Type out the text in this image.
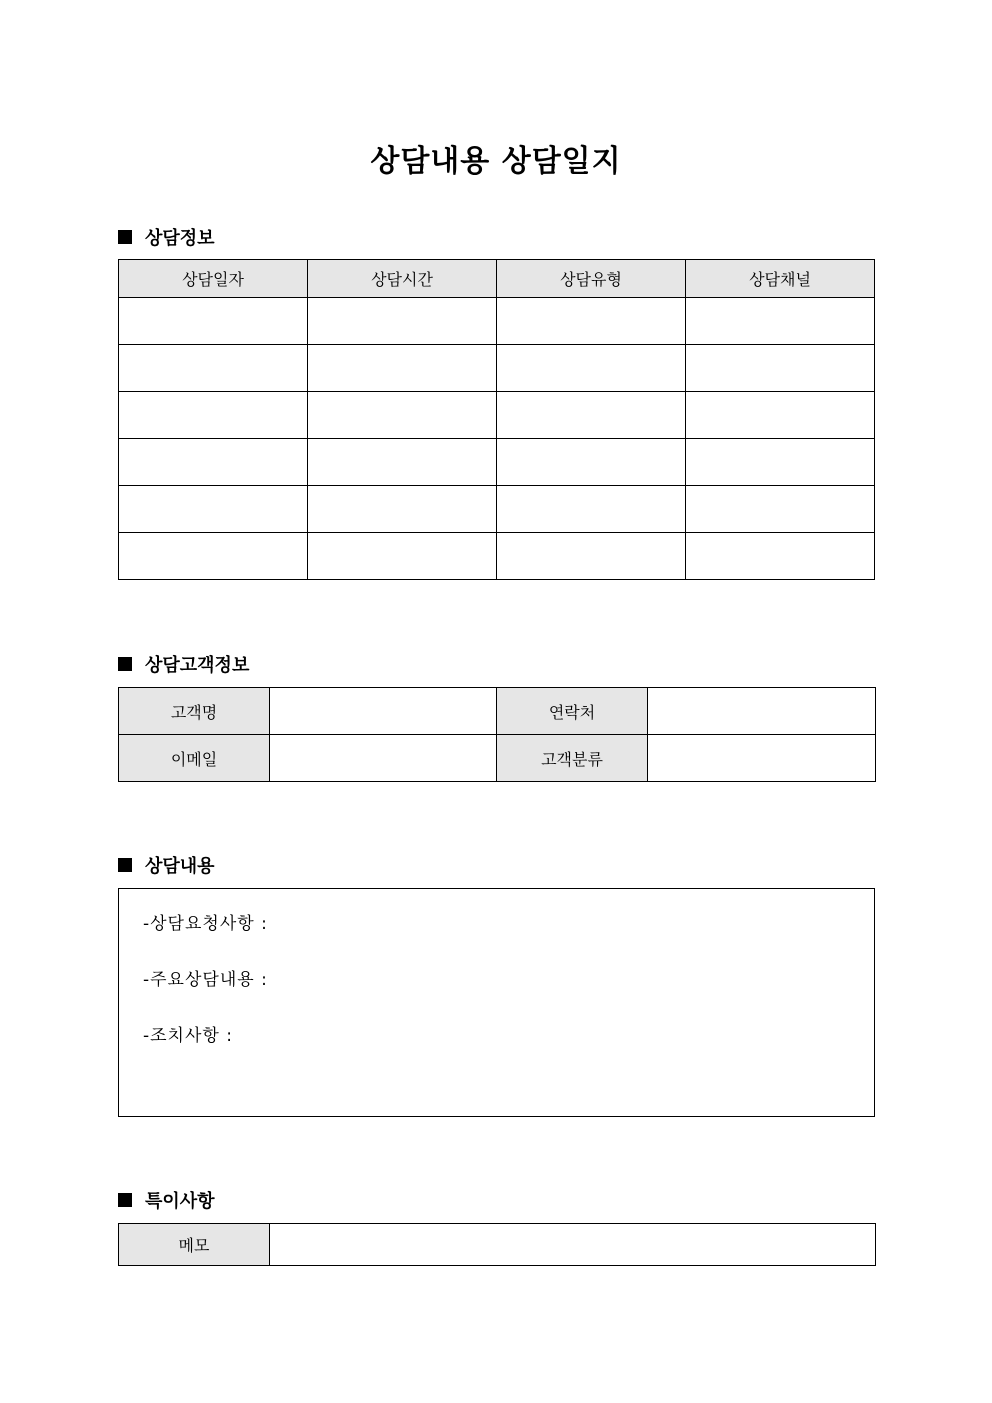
상담내용 상담일지
상담정보
상담일자	상담시간	상담유형	상담채널

상담고객정보
고객명		연락처	
이메일		고객분류	
상담내용
-상담요청사항 :
-주요상담내용 :
-조치사항 :
특이사항
메모	
